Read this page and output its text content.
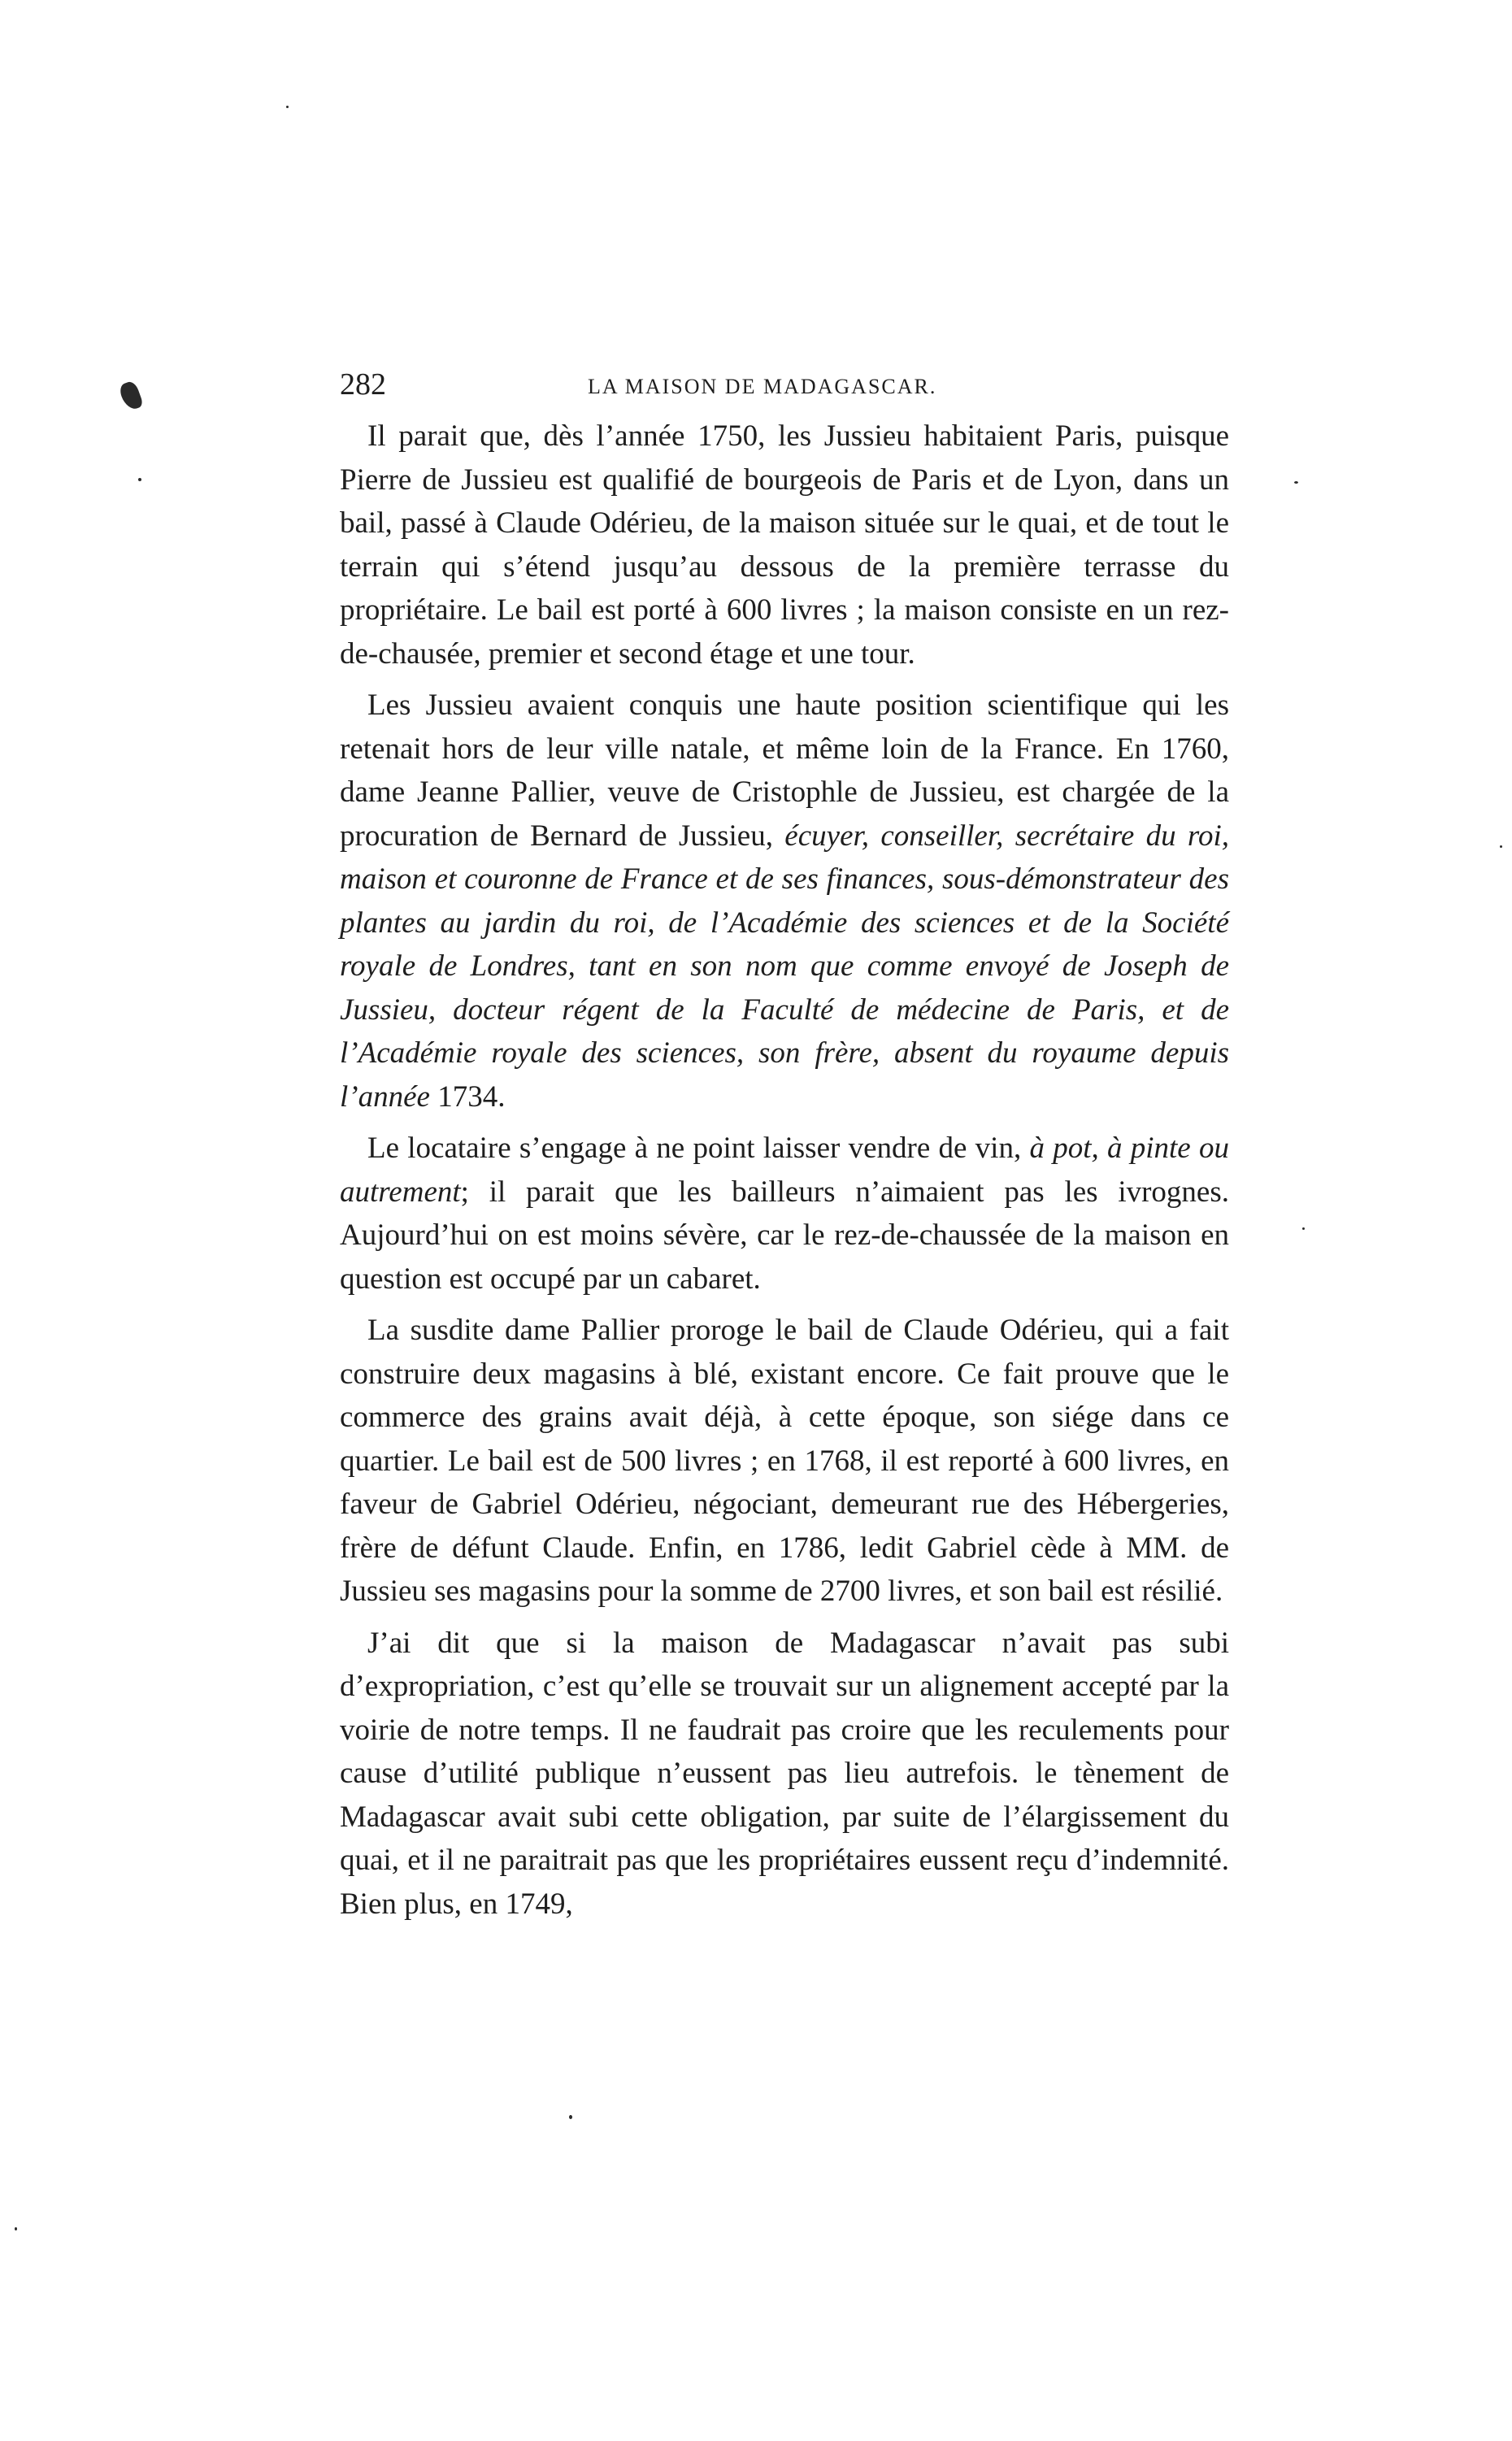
282	LA MAISON DE MADAGASCAR.

Il parait que, dès l’année 1750, les Jussieu habitaient Paris, puisque Pierre de Jussieu est qualifié de bourgeois de Paris et de Lyon, dans un bail, passé à Claude Odérieu, de la maison située sur le quai, et de tout le terrain qui s’étend jusqu’au dessous de la première terrasse du propriétaire. Le bail est porté à 600 livres ; la maison consiste en un rez-de-chausée, premier et second étage et une tour.

Les Jussieu avaient conquis une haute position scientifique qui les retenait hors de leur ville natale, et même loin de la France. En 1760, dame Jeanne Pallier, veuve de Cristophle de Jussieu, est chargée de la procuration de Bernard de Jussieu, écuyer, conseiller, secrétaire du roi, maison et couronne de France et de ses finances, sous-démonstrateur des plantes au jardin du roi, de l’Académie des sciences et de la Société royale de Londres, tant en son nom que comme envoyé de Joseph de Jussieu, docteur régent de la Faculté de médecine de Paris, et de l’Académie royale des sciences, son frère, absent du royaume depuis l’année 1734.

Le locataire s’engage à ne point laisser vendre de vin, à pot, à pinte ou autrement; il parait que les bailleurs n’aimaient pas les ivrognes. Aujourd’hui on est moins sévère, car le rez-de-chaussée de la maison en question est occupé par un cabaret.

La susdite dame Pallier proroge le bail de Claude Odérieu, qui a fait construire deux magasins à blé, existant encore. Ce fait prouve que le commerce des grains avait déjà, à cette époque, son siége dans ce quartier. Le bail est de 500 livres ; en 1768, il est reporté à 600 livres, en faveur de Gabriel Odérieu, négociant, demeurant rue des Hébergeries, frère de défunt Claude. Enfin, en 1786, ledit Gabriel cède à MM. de Jussieu ses magasins pour la somme de 2700 livres, et son bail est résilié.

J’ai dit que si la maison de Madagascar n’avait pas subi d’expropriation, c’est qu’elle se trouvait sur un alignement accepté par la voirie de notre temps. Il ne faudrait pas croire que les reculements pour cause d’utilité publique n’eussent pas lieu autrefois. le tènement de Madagascar avait subi cette obligation, par suite de l’élargissement du quai, et il ne paraitrait pas que les propriétaires eussent reçu d’indemnité. Bien plus, en 1749,
